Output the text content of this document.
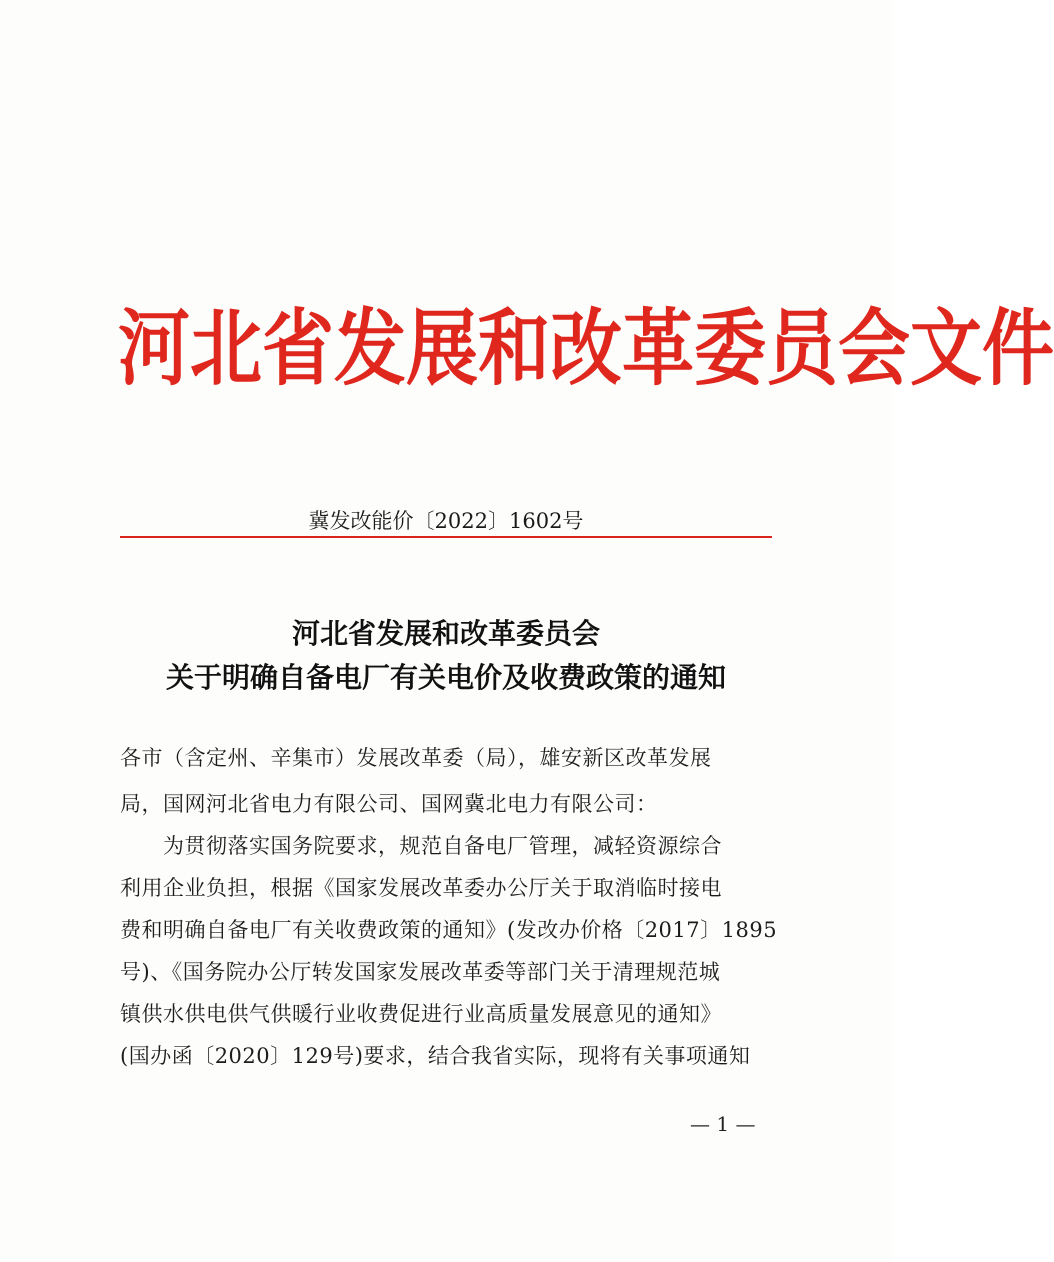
河北省发展和改革委员会文件
冀发改能价〔2022〕1602号
河北省发展和改革委员会
关于明确自备电厂有关电价及收费政策的通知
各市（含定州、辛集市）发展改革委（局），雄安新区改革发展
局，国网河北省电力有限公司、国网冀北电力有限公司：
　　为贯彻落实国务院要求，规范自备电厂管理，减轻资源综合
利用企业负担，根据《国家发展改革委办公厅关于取消临时接电
费和明确自备电厂有关收费政策的通知》(发改办价格〔2017〕1895
号)、《国务院办公厅转发国家发展改革委等部门关于清理规范城
镇供水供电供气供暖行业收费促进行业高质量发展意见的通知》
(国办函〔2020〕129号)要求，结合我省实际，现将有关事项通知
— 1 —
